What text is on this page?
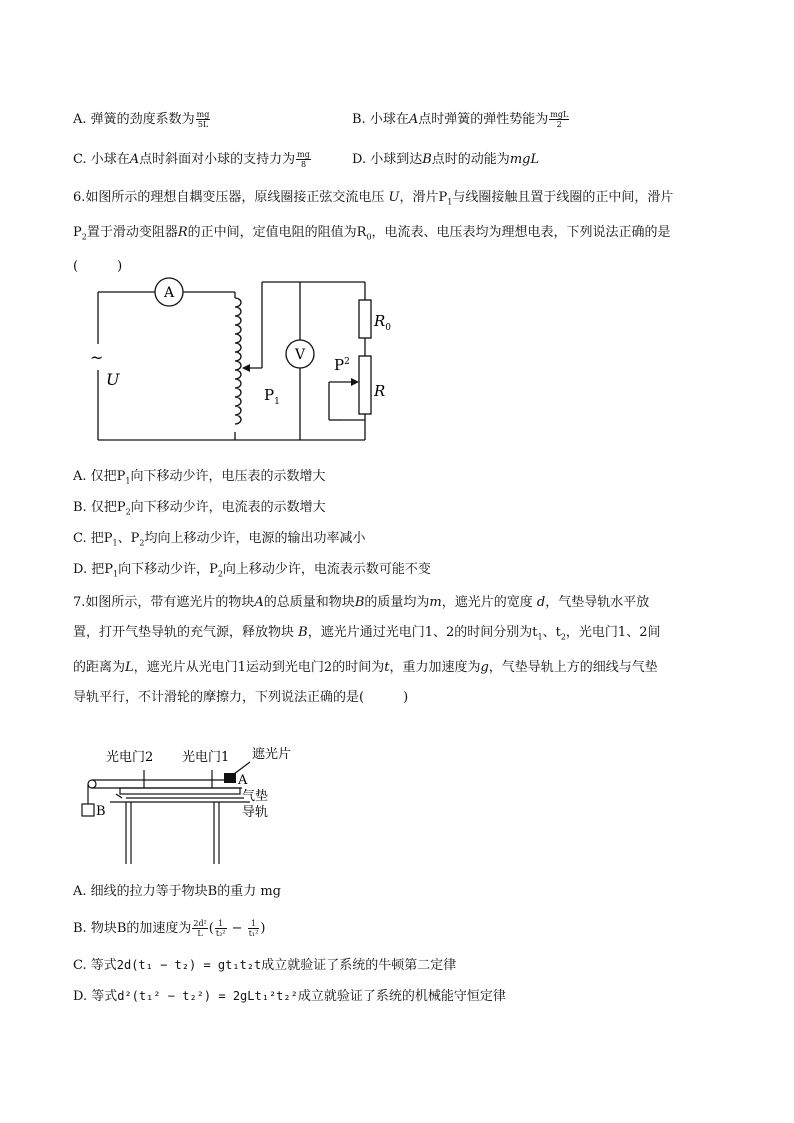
A. 弹簧的劲度系数为 $\frac{mg}{5L}$	B. 小球在A点时弹簧的弹性势能为 $\frac{\text{mgL}}{2}$
C. 小球在A点时斜面对小球的支持力为 $\frac{mg}{8}$	D. 小球到达B点时的动能为mgL
6.如图所示的理想自耦变压器，原线圈接正弦交流电压 U，滑片$P_1$与线圈接触且置于线圈的正中间，滑片
$P_2$置于滑动变阻器R的正中间，定值电阻的阻值为$R_0$，电流表、电压表均为理想电表，下列说法正确的是
(　　　)
A
V
~
U
$P_1$
$P^2$
$R_0$
R
A. 仅把$P_1$向下移动少许，电压表的示数增大
B. 仅把$P_2$向下移动少许，电流表的示数增大
C. 把$P_1$、$P_2$均向上移动少许，电源的输出功率减小
D. 把$P_1$向下移动少许，$P_2$向上移动少许，电流表示数可能不变
7.如图所示，带有遮光片的物块A的总质量和物块B的质量均为m，遮光片的宽度 d，气垫导轨水平放
置，打开气垫导轨的充气源，释放物块 B，遮光片通过光电门1、2的时间分别为$t_1$、$t_2$，光电门1、2间
的距离为L，遮光片从光电门1运动到光电门2的时间为t，重力加速度为g，气垫导轨上方的细线与气垫
导轨平行，不计滑轮的摩擦力，下列说法正确的是(　　　)
光电门2 光电门1 遮光片
A
气垫
导轨
B
A. 细线的拉力等于物块B的重力 mg
B. 物块B的加速度为 $\frac{\text{2d²}}{L}$ ( $\frac{1}{\text{t₂²}} - \frac{1}{\text{t₁²}}$ )
C. 等式2d(t₁ − t₂) = gt₁t₂t成立就验证了系统的牛顿第二定律
D. 等式d²(t₁² − t₂²) = 2gLt₁²t₂²成立就验证了系统的机械能守恒定律
